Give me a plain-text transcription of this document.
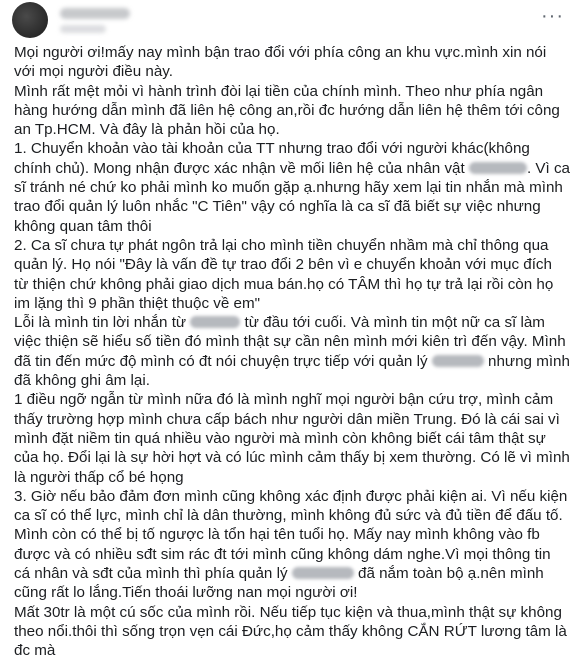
···

Mọi người ơi!mấy nay mình bận trao đổi với phía công an khu vực.mình xin nói với mọi người điều này.

Mình rất mệt mỏi vì hành trình đòi lại tiền của chính mình. Theo như phía ngân hàng hướng dẫn mình đã liên hệ công an,rồi đc hướng dẫn liên hệ thêm tới công an Tp.HCM. Và đây là phản hồi của họ.

1. Chuyển khoản vào tài khoản của TT nhưng trao đổi với người khác(không chính chủ). Mong nhận được xác nhận về mối liên hệ của nhân vật	. Vì ca sĩ tránh né chứ ko phải mình ko muốn gặp ạ.nhưng hãy xem lại tin nhắn mà mình trao đổi quản lý luôn nhắc "C Tiên" vậy có nghĩa là ca sĩ đã biết sự việc nhưng không quan tâm thôi

2. Ca sĩ chưa tự phát ngôn trả lại cho mình tiền chuyển nhầm mà chỉ thông qua quản lý. Họ nói "Đây là vấn đề tự trao đổi 2 bên vì e chuyển khoản với mục đích từ thiện chứ không phải giao dịch mua bán.họ có TÂM thì họ tự trả lại rồi còn họ im lặng thì 9 phần thiệt thuộc về em"

Lỗi là mình tin lời nhắn từ	từ đầu tới cuối. Và mình tin một nữ ca sĩ làm việc thiện sẽ hiểu số tiền đó mình thật sự cần nên mình mới kiên trì đến vậy. Mình đã tin đến mức độ mình có đt nói chuyện trực tiếp với quản lý	nhưng mình đã không ghi âm lại.

1 điều ngỡ ngẫn từ mình nữa đó là mình nghĩ mọi người bận cứu trợ, mình cảm thấy trường hợp mình chưa cấp bách như người dân miền Trung. Đó là cái sai vì mình đặt niềm tin quá nhiều vào người mà mình còn không biết cái tâm thật sự của họ. Đổi lại là sự hời hợt và có lúc mình cảm thấy bị xem thường. Có lẽ vì mình là người thấp cổ bé họng

3. Giờ nếu bảo đảm đơn mình cũng không xác định được phải kiện ai. Vì nếu kiện ca sĩ có thể lực, mình chỉ là dân thường, mình không đủ sức và đủ tiền để đấu tố. Mình còn có thể bị tố ngược là tổn hại tên tuổi họ. Mấy nay mình không vào fb được và có nhiều sđt sim rác đt tới mình cũng không dám nghe.Vì mọi thông tin cá nhân và sđt của mình thì phía quản lý	đã nắm toàn bộ ạ.nên mình cũng rất lo lắng.Tiến thoái lưỡng nan mọi người ơi!

Mất 30tr là một cú sốc của mình rồi. Nếu tiếp tục kiện và thua,mình thật sự không theo nổi.thôi thì sống trọn vẹn cái Đức,họ cảm thấy không CẮN RỨT lương tâm là đc mà
